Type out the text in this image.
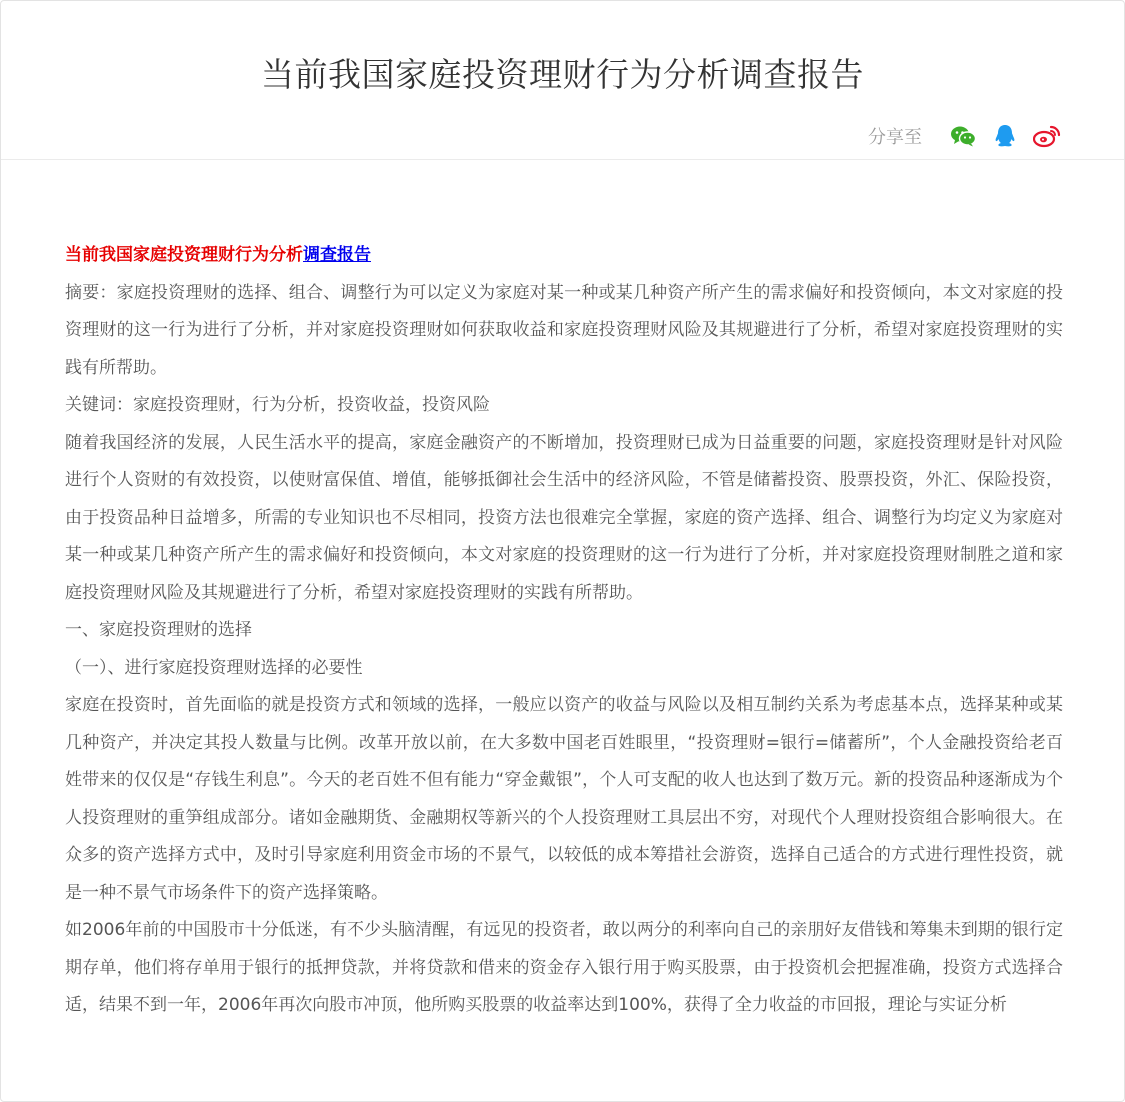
当前我国家庭投资理财行为分析调查报告
分享至

当前我国家庭投资理财行为分析调查报告

摘要：家庭投资理财的选择、组合、调整行为可以定义为家庭对某一种或某几种资产所产生的需求偏好和投资倾向，本文对家庭的投资理财的这一行为进行了分析，并对家庭投资理财如何获取收益和家庭投资理财风险及其规避进行了分析，希望对家庭投资理财的实践有所帮助。

关键词：家庭投资理财，行为分析，投资收益，投资风险

随着我国经济的发展，人民生活水平的提高，家庭金融资产的不断增加，投资理财已成为日益重要的问题，家庭投资理财是针对风险进行个人资财的有效投资，以使财富保值、增值，能够抵御社会生活中的经济风险，不管是储蓄投资、股票投资，外汇、保险投资，由于投资品种日益增多，所需的专业知识也不尽相同，投资方法也很难完全掌握，家庭的资产选择、组合、调整行为均定义为家庭对某一种或某几种资产所产生的需求偏好和投资倾向，本文对家庭的投资理财的这一行为进行了分析，并对家庭投资理财制胜之道和家庭投资理财风险及其规避进行了分析，希望对家庭投资理财的实践有所帮助。

一、家庭投资理财的选择

（一）、进行家庭投资理财选择的必要性

家庭在投资时，首先面临的就是投资方式和领域的选择，一般应以资产的收益与风险以及相互制约关系为考虑基本点，选择某种或某几种资产，并决定其投人数量与比例。改革开放以前，在大多数中国老百姓眼里，“投资理财=银行=储蓄所”，个人金融投资给老百姓带来的仅仅是“存钱生利息”。今天的老百姓不但有能力“穿金戴银”，个人可支配的收人也达到了数万元。新的投资品种逐渐成为个人投资理财的重笋组成部分。诸如金融期货、金融期权等新兴的个人投资理财工具层出不穷，对现代个人理财投资组合影响很大。在众多的资产选择方式中，及时引导家庭利用资金市场的不景气，以较低的成本筹措社会游资，选择自己适合的方式进行理性投资，就是一种不景气市场条件下的资产选择策略。

如2006年前的中国股市十分低迷，有不少头脑清醒，有远见的投资者，敢以两分的利率向自己的亲朋好友借钱和筹集未到期的银行定期存单，他们将存单用于银行的抵押贷款，并将贷款和借来的资金存入银行用于购买股票，由于投资机会把握准确，投资方式选择合适，结果不到一年，2006年再次向股市冲顶，他所购买股票的收益率达到100%，获得了全力收益的市回报，理论与实证分析
